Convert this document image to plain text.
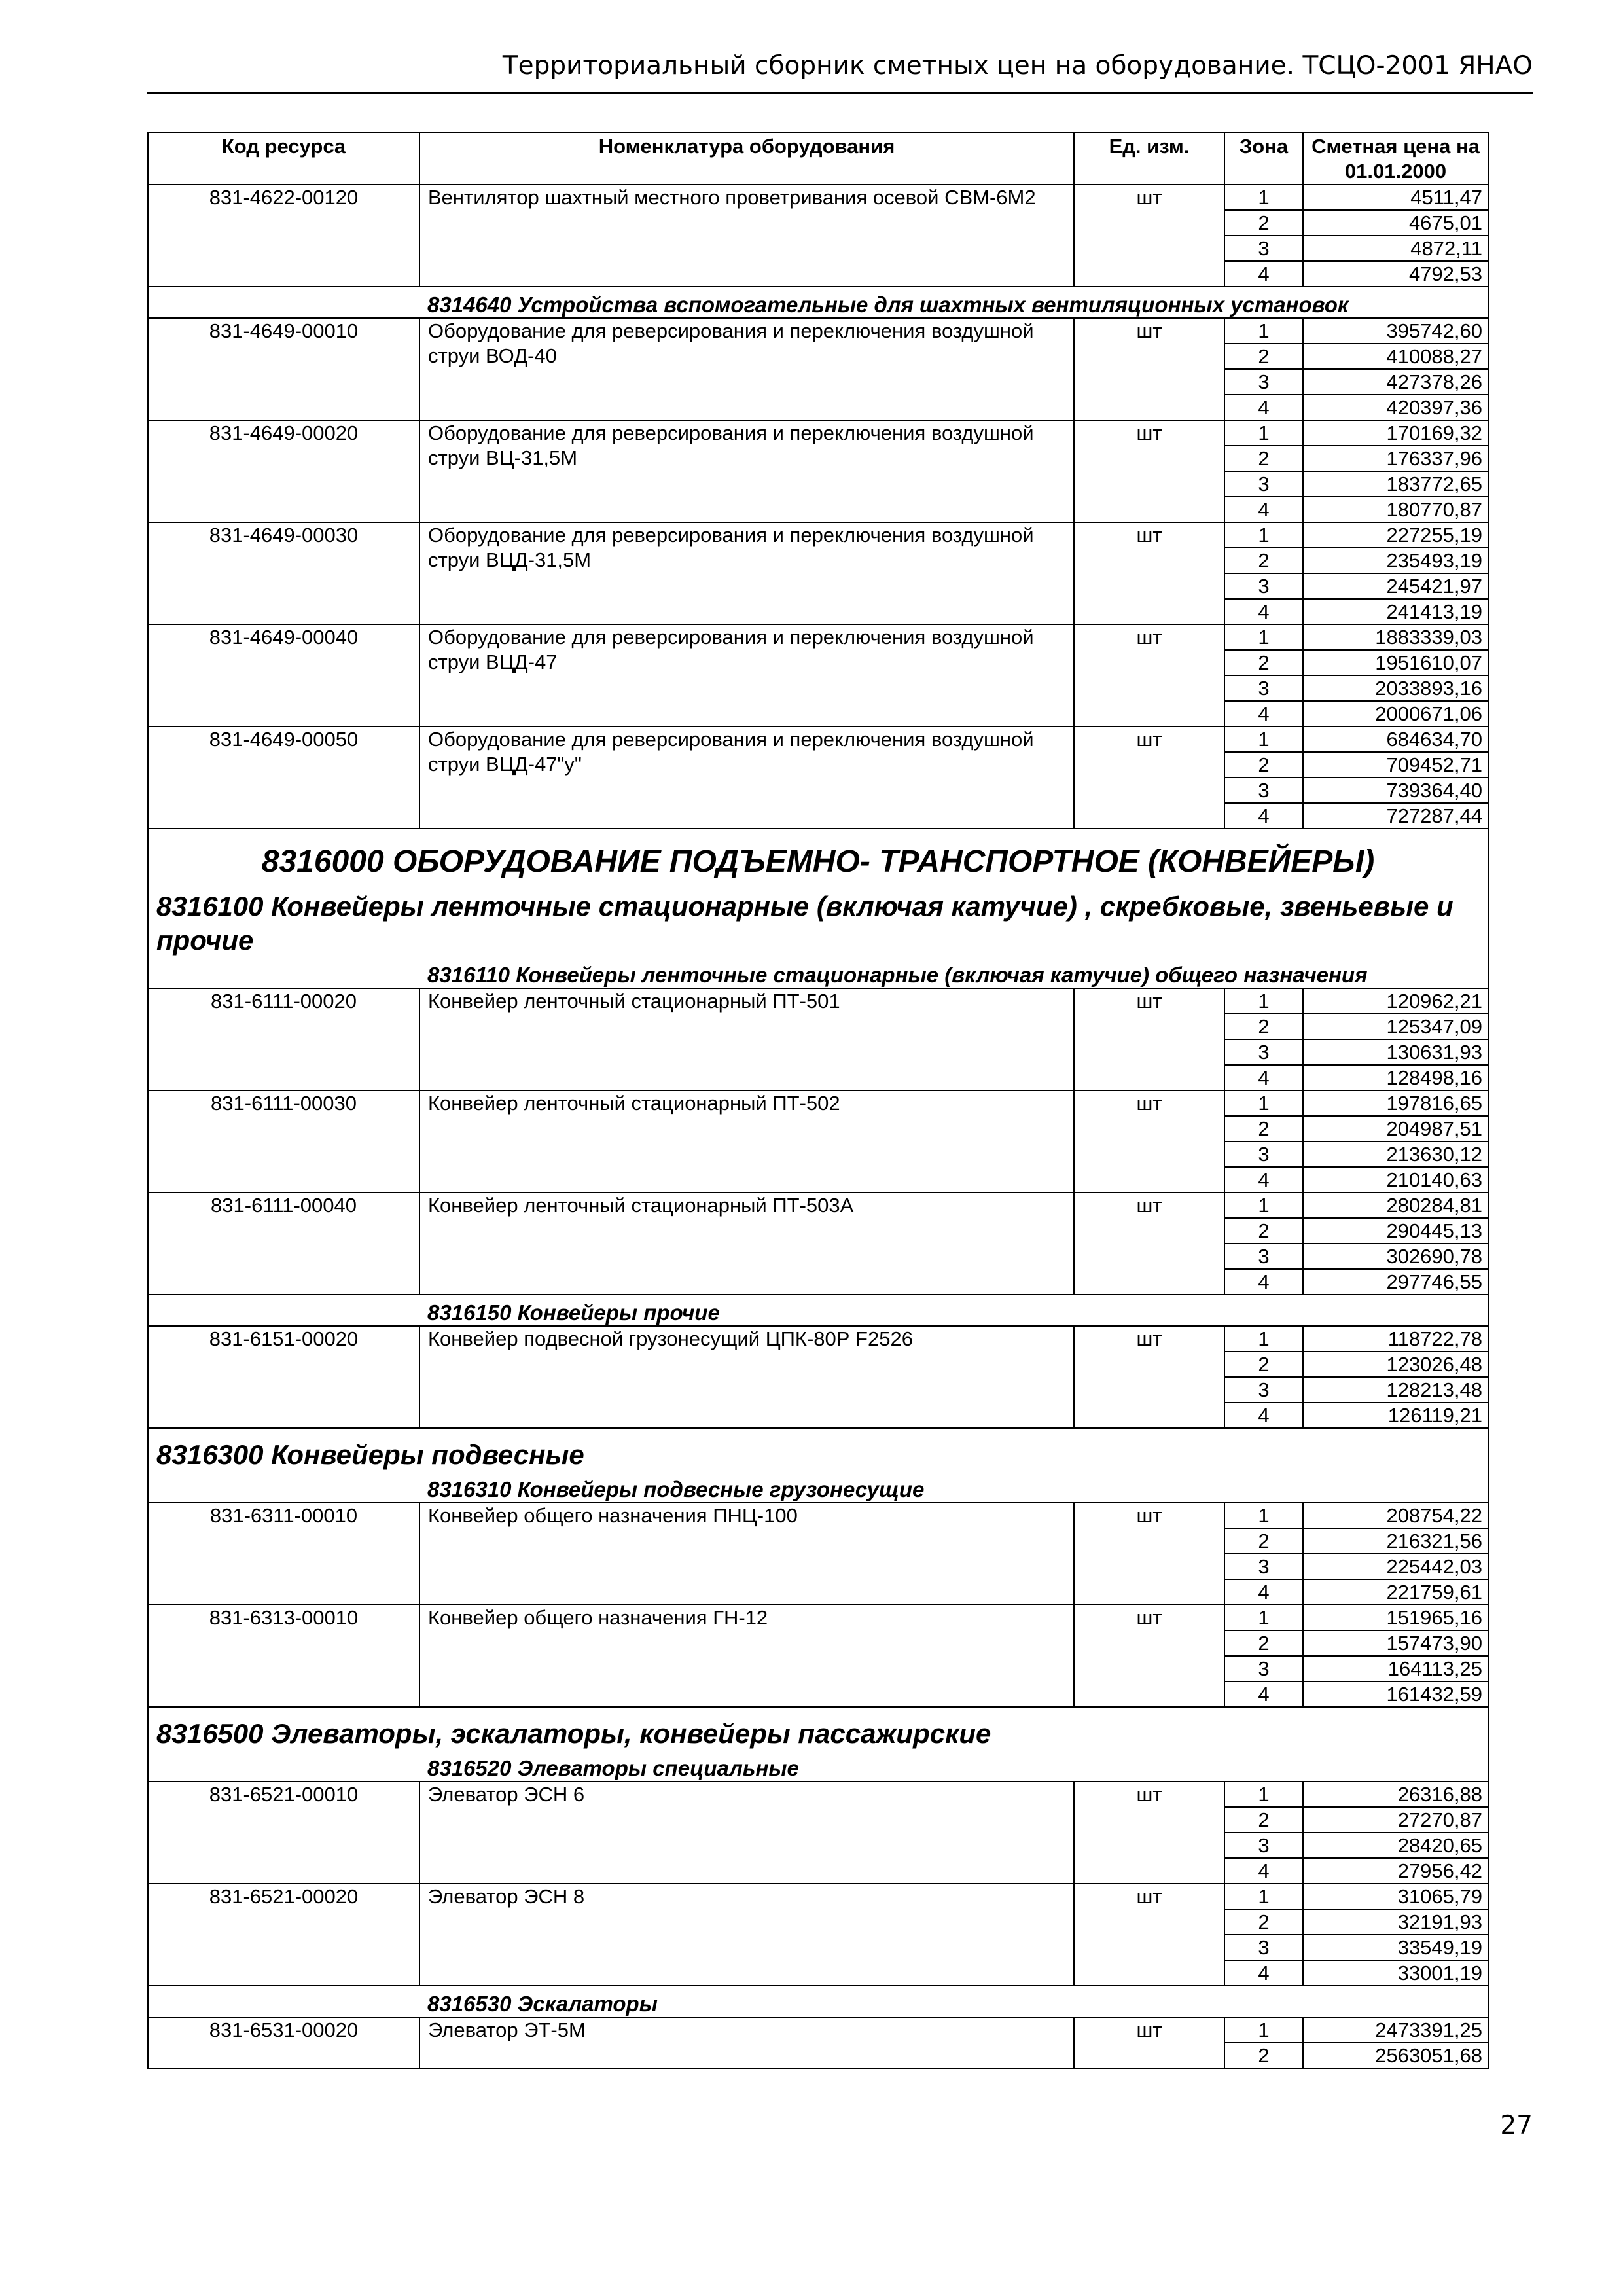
Территориальный сборник сметных цен на оборудование. ТСЦО-2001 ЯНАО
Код ресурса	Номенклатура оборудования	Ед. изм.	Зона	Сметная цена на 01.01.2000
831-4622-00120	Вентилятор шахтный местного проветривания осевой СВМ-6М2	шт	1	4511,47
			2	4675,01
			3	4872,11
			4	4792,53
	8314640 Устройства вспомогательные для шахтных вентиляционных установок			
831-4649-00010	Оборудование для реверсирования и переключения воздушной струи ВОД-40	шт	1	395742,60
			2	410088,27
			3	427378,26
			4	420397,36
831-4649-00020	Оборудование для реверсирования и переключения воздушной струи ВЦ-31,5М	шт	1	170169,32
			2	176337,96
			3	183772,65
			4	180770,87
831-4649-00030	Оборудование для реверсирования и переключения воздушной струи ВЦД-31,5М	шт	1	227255,19
			2	235493,19
			3	245421,97
			4	241413,19
831-4649-00040	Оборудование для реверсирования и переключения воздушной струи ВЦД-47	шт	1	1883339,03
			2	1951610,07
			3	2033893,16
			4	2000671,06
831-4649-00050	Оборудование для реверсирования и переключения воздушной струи ВЦД-47"у"	шт	1	684634,70
			2	709452,71
			3	739364,40
			4	727287,44
8316000 ОБОРУДОВАНИЕ ПОДЪЕМНО- ТРАНСПОРТНОЕ (КОНВЕЙЕРЫ)				
8316100 Конвейеры ленточные стационарные (включая катучие) , скребковые, звеньевые и прочие				
	8316110 Конвейеры ленточные стационарные (включая катучие) общего назначения			
831-6111-00020	Конвейер ленточный стационарный ПТ-501	шт	1	120962,21
			2	125347,09
			3	130631,93
			4	128498,16
831-6111-00030	Конвейер ленточный стационарный ПТ-502	шт	1	197816,65
			2	204987,51
			3	213630,12
			4	210140,63
831-6111-00040	Конвейер ленточный стационарный ПТ-503А	шт	1	280284,81
			2	290445,13
			3	302690,78
			4	297746,55
	8316150 Конвейеры прочие			
831-6151-00020	Конвейер подвесной грузонесущий ЦПК-80Р F2526	шт	1	118722,78
			2	123026,48
			3	128213,48
			4	126119,21
8316300 Конвейеры подвесные				
	8316310 Конвейеры подвесные грузонесущие			
831-6311-00010	Конвейер общего назначения ПНЦ-100	шт	1	208754,22
			2	216321,56
			3	225442,03
			4	221759,61
831-6313-00010	Конвейер общего назначения ГН-12	шт	1	151965,16
			2	157473,90
			3	164113,25
			4	161432,59
8316500 Элеваторы, эскалаторы, конвейеры пассажирские				
	8316520 Элеваторы специальные			
831-6521-00010	Элеватор ЭСН 6	шт	1	26316,88
			2	27270,87
			3	28420,65
			4	27956,42
831-6521-00020	Элеватор ЭСН 8	шт	1	31065,79
			2	32191,93
			3	33549,19
			4	33001,19
	8316530 Эскалаторы			
831-6531-00020	Элеватор ЭТ-5М	шт	1	2473391,25
			2	2563051,68
27
